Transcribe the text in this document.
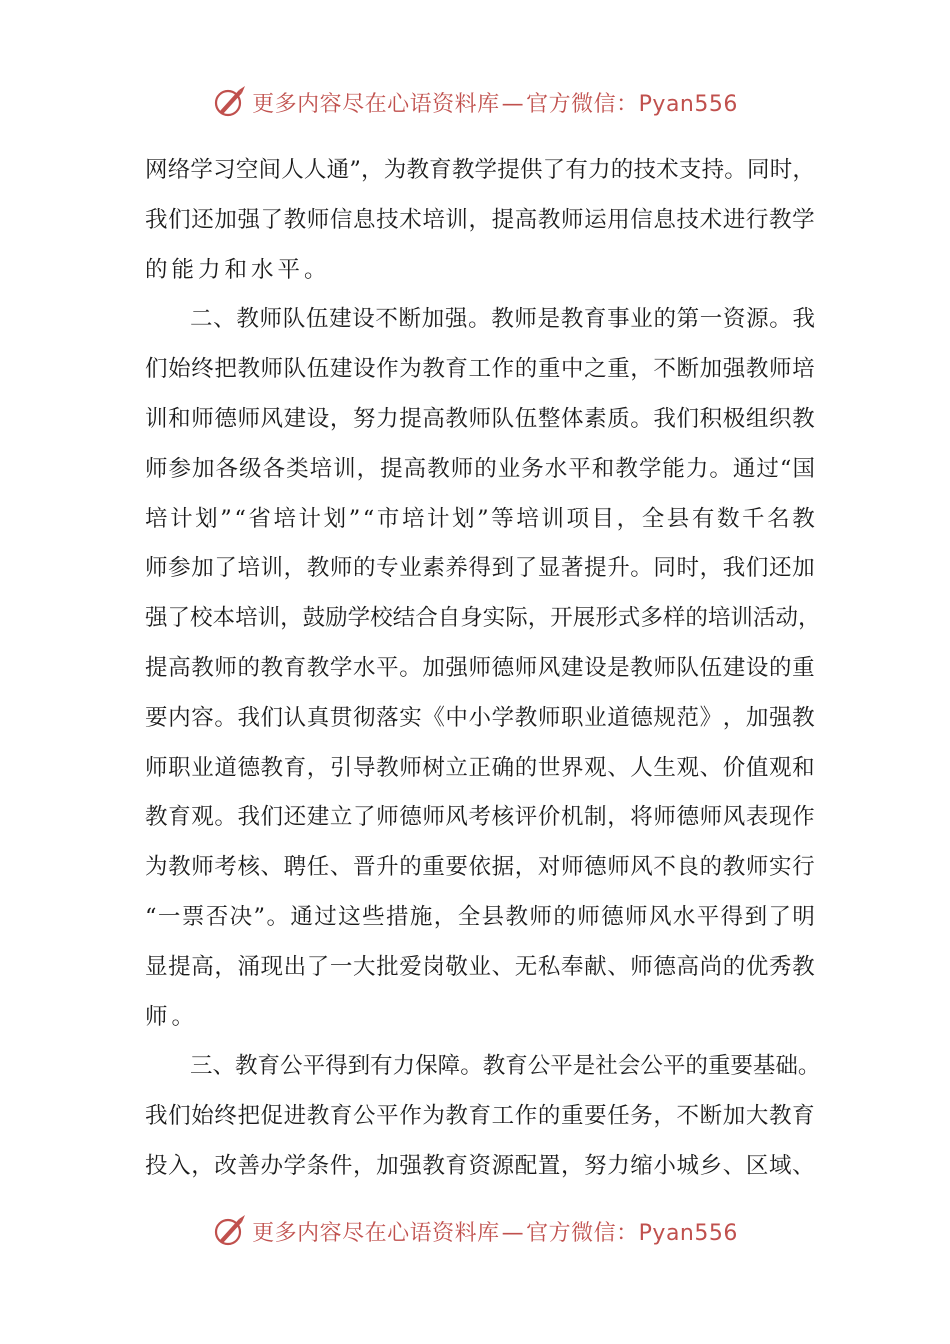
更多内容尽在心语资料库—官方微信：Pyan556
网 络 学 习 空 间 人 人 通 ” ， 为 教 育 教 学 提 供 了 有 力 的 技 术 支 持 。 同 时 ，
我 们 还 加 强 了 教 师 信 息 技 术 培 训 ， 提 高 教 师 运 用 信 息 技 术 进 行 教 学
的能力和水平。
二 、 教 师 队 伍 建 设 不 断 加 强 。 教 师 是 教 育 事 业 的 第 一 资 源 。 我
们 始 终 把 教 师 队 伍 建 设 作 为 教 育 工 作 的 重 中 之 重 ， 不 断 加 强 教 师 培
训 和 师 德 师 风 建 设 ， 努 力 提 高 教 师 队 伍 整 体 素 质 。 我 们 积 极 组 织 教
师 参 加 各 级 各 类 培 训 ， 提 高 教 师 的 业 务 水 平 和 教 学 能 力 。 通 过 “ 国
培 计 划 ” “ 省 培 计 划 ” “ 市 培 计 划 ” 等 培 训 项 目 ， 全 县 有 数 千 名 教
师 参 加 了 培 训 ， 教 师 的 专 业 素 养 得 到 了 显 著 提 升 。 同 时 ， 我 们 还 加
强 了 校 本 培 训 ， 鼓 励 学 校 结 合 自 身 实 际 ， 开 展 形 式 多 样 的 培 训 活 动 ，
提 高 教 师 的 教 育 教 学 水 平 。 加 强 师 德 师 风 建 设 是 教 师 队 伍 建 设 的 重
要 内 容 。 我 们 认 真 贯 彻 落 实 《 中 小 学 教 师 职 业 道 德 规 范 》 ， 加 强 教
师 职 业 道 德 教 育 ， 引 导 教 师 树 立 正 确 的 世 界 观 、 人 生 观 、 价 值 观 和
教 育 观 。 我 们 还 建 立 了 师 德 师 风 考 核 评 价 机 制 ， 将 师 德 师 风 表 现 作
为 教 师 考 核 、 聘 任 、 晋 升 的 重 要 依 据 ， 对 师 德 师 风 不 良 的 教 师 实 行
“ 一 票 否 决 ” 。 通 过 这 些 措 施 ， 全 县 教 师 的 师 德 师 风 水 平 得 到 了 明
显 提 高 ， 涌 现 出 了 一 大 批 爱 岗 敬 业 、 无 私 奉 献 、 师 德 高 尚 的 优 秀 教
师。
三 、 教 育 公 平 得 到 有 力 保 障 。 教 育 公 平 是 社 会 公 平 的 重 要 基 础 。
我 们 始 终 把 促 进 教 育 公 平 作 为 教 育 工 作 的 重 要 任 务 ， 不 断 加 大 教 育
投 入 ， 改 善 办 学 条 件 ， 加 强 教 育 资 源 配 置 ， 努 力 缩 小 城 乡 、 区 域 、
更多内容尽在心语资料库—官方微信：Pyan556
